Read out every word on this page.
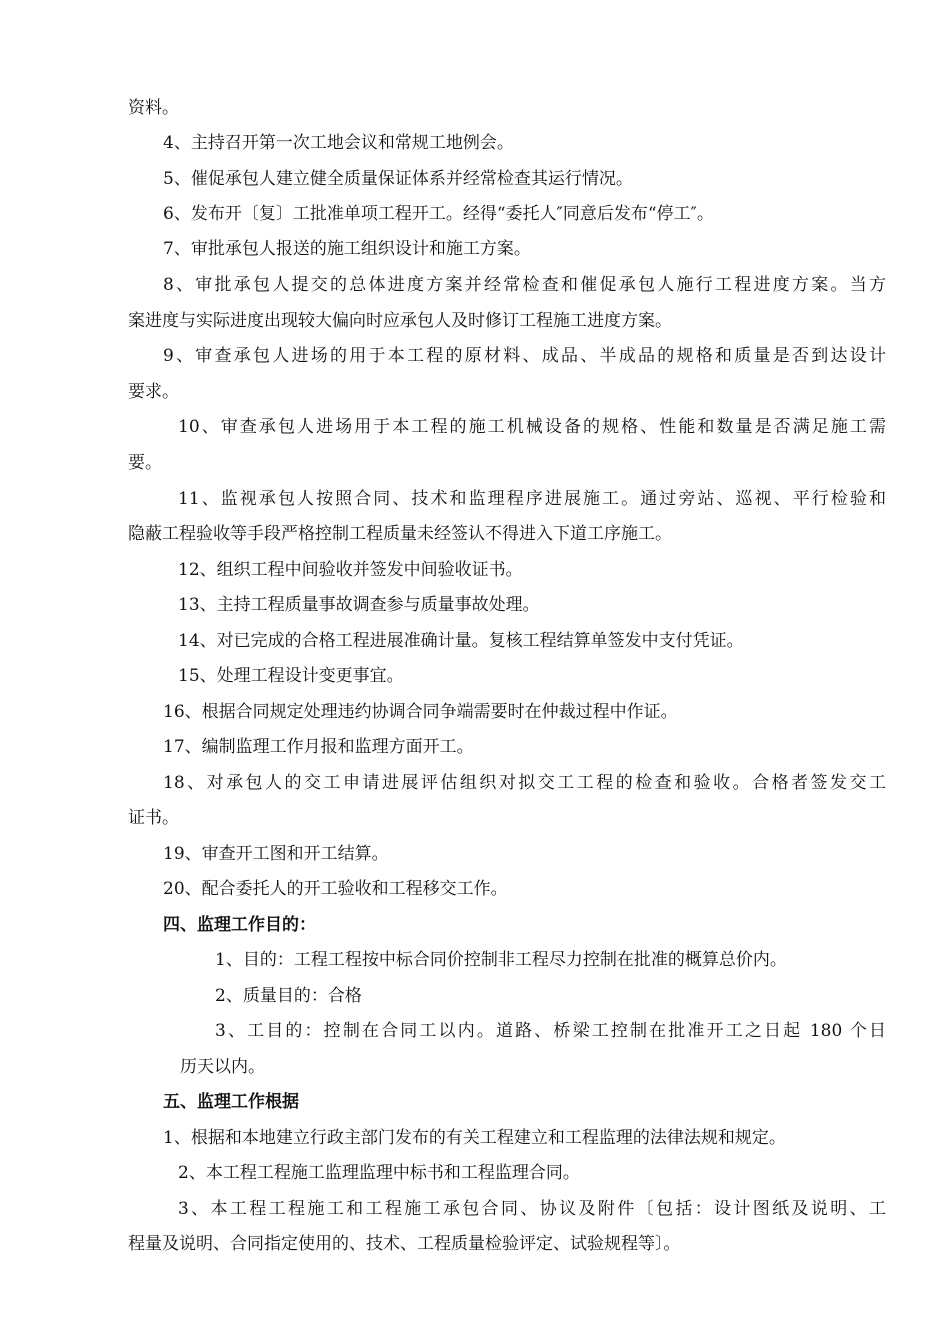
资料。
4、主持召开第一次工地会议和常规工地例会。
5、催促承包人建立健全质量保证体系并经常检查其运行情况。
6、发布开〔复〕工批准单项工程开工。经得“委托人″同意后发布“停工″。
7、审批承包人报送的施工组织设计和施工方案。
8、审批承包人提交的总体进度方案并经常检查和催促承包人施行工程进度方案。当方
案进度与实际进度出现较大偏向时应承包人及时修订工程施工进度方案。
9、审查承包人进场的用于本工程的原材料、成品、半成品的规格和质量是否到达设计
要求。
10、审查承包人进场用于本工程的施工机械设备的规格、性能和数量是否满足施工需
要。
11、监视承包人按照合同、技术和监理程序进展施工。通过旁站、巡视、平行检验和
隐蔽工程验收等手段严格控制工程质量未经签认不得进入下道工序施工。
12、组织工程中间验收并签发中间验收证书。
13、主持工程质量事故调查参与质量事故处理。
14、对已完成的合格工程进展准确计量。复核工程结算单签发中支付凭证。
15、处理工程设计变更事宜。
16、根据合同规定处理违约协调合同争端需要时在仲裁过程中作证。
17、编制监理工作月报和监理方面开工。
18、对承包人的交工申请进展评估组织对拟交工工程的检查和验收。合格者签发交工
证书。
19、审查开工图和开工结算。
20、配合委托人的开工验收和工程移交工作。
四、监理工作目的：
1、目的：工程工程按中标合同价控制非工程尽力控制在批准的概算总价内。
2、质量目的：合格
3、工目的：控制在合同工以内。道路、桥梁工控制在批准开工之日起 180 个日
历天以内。
五、监理工作根据
1、根据和本地建立行政主部门发布的有关工程建立和工程监理的法律法规和规定。
2、本工程工程施工监理监理中标书和工程监理合同。
3、本工程工程施工和工程施工承包合同、协议及附件〔包括：设计图纸及说明、工
程量及说明、合同指定使用的、技术、工程质量检验评定、试验规程等〕。
